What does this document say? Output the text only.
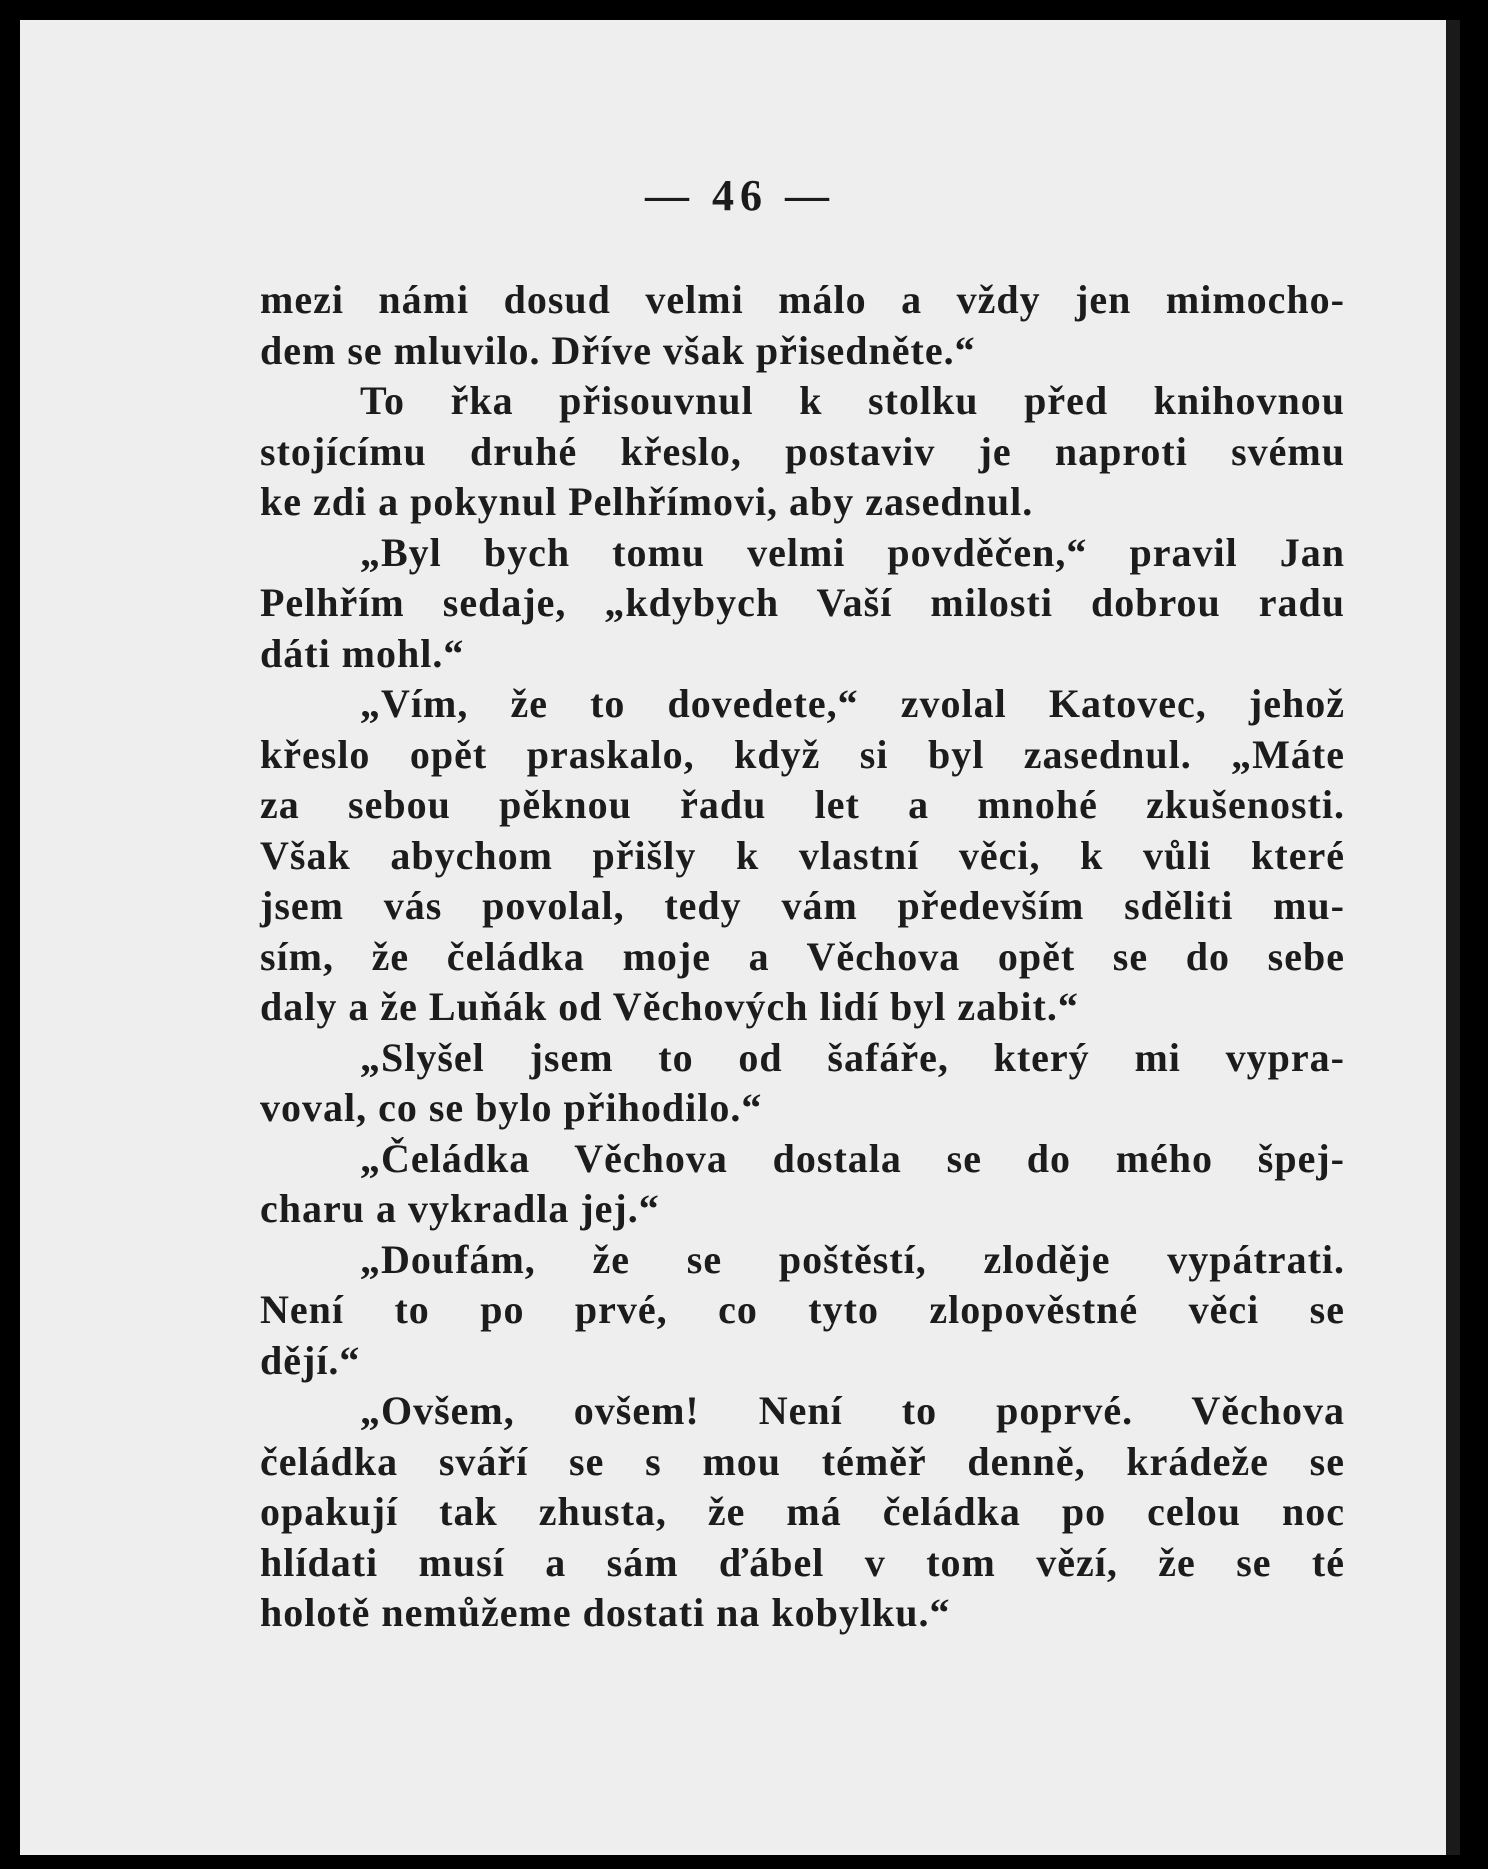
— 46 —
mezi námi dosud velmi málo a vždy jen mimocho-
dem se mluvilo. Dříve však přisedněte.“
To řka přisouvnul k stolku před knihovnou
stojícímu druhé křeslo, postaviv je naproti svému
ke zdi a pokynul Pelhřímovi, aby zasednul.
„Byl bych tomu velmi povděčen,“ pravil Jan
Pelhřím sedaje, „kdybych Vaší milosti dobrou radu
dáti mohl.“
„Vím, že to dovedete,“ zvolal Katovec, jehož
křeslo opět praskalo, když si byl zasednul. „Máte
za sebou pěknou řadu let a mnohé zkušenosti.
Však abychom přišly k vlastní věci, k vůli které
jsem vás povolal, tedy vám především sděliti mu-
sím, že čeládka moje a Věchova opět se do sebe
daly a že Luňák od Věchových lidí byl zabit.“
„Slyšel jsem to od šafáře, který mi vypra-
voval, co se bylo přihodilo.“
„Čeládka Věchova dostala se do mého špej-
charu a vykradla jej.“
„Doufám, že se poštěstí, zloděje vypátrati.
Není to po prvé, co tyto zlopověstné věci se
dějí.“
„Ovšem, ovšem! Není to poprvé. Věchova
čeládka sváří se s mou téměř denně, krádeže se
opakují tak zhusta, že má čeládka po celou noc
hlídati musí a sám ďábel v tom vězí, že se té
holotě nemůžeme dostati na kobylku.“
